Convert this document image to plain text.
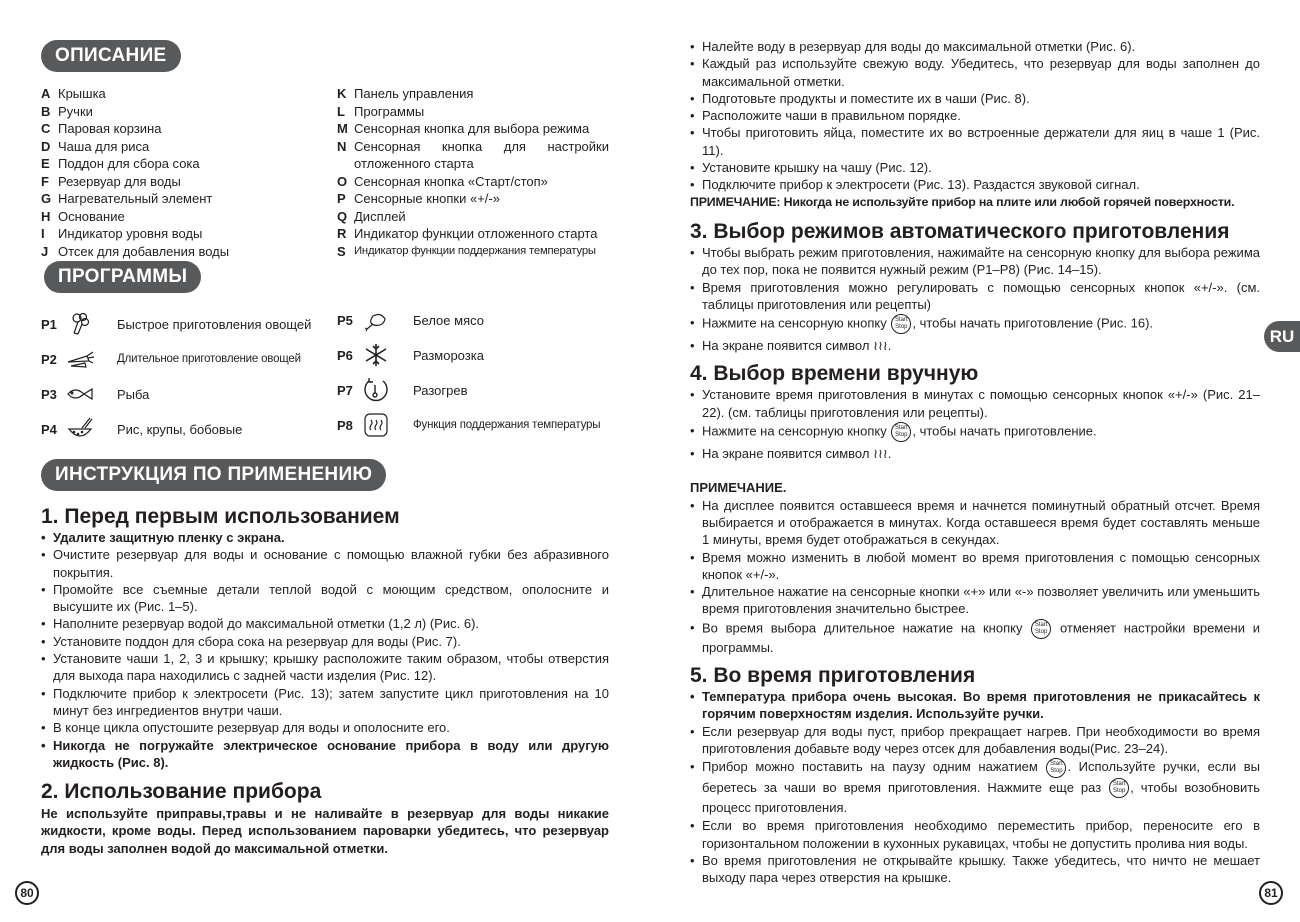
ОПИСАНИЕ
A Крышка
B Ручки
C Паровая корзина
D Чаша для риса
E Поддон для сбора сока
F Резервуар для воды
G Нагревательный элемент
H Основание
I	Индикатор уровня воды
J Отсек для добавления воды
K Панель управления
L Программы
M Сенсорная кнопка для выбора режима
N Сенсорная кнопка для настройки отложенного старта
O Сенсорная кнопка «Старт/стоп»
P Сенсорные кнопки «+/-»
Q Дисплей
R Индикатор функции отложенного старта
S Индикатор функции поддержания температуры
ПРОГРАММЫ
P1	Быстрое приготовления овощей
P2	Длительное приготовление овощей
P3	Рыба
P4	Рис, крупы, бобовые
P5	Белое мясо
P6	Разморозка
P7	Разогрев
P8	Функция поддержания температуры
ИНСТРУКЦИЯ ПО ПРИМЕНЕНИЮ
1. Перед первым использованием
• Удалите защитную пленку с экрана.
• Очистите резервуар для воды и основание с помощью влажной губки без абразивного покрытия.
• Промойте все съемные детали теплой водой с моющим средством, ополосните и высушите их (Рис. 1–5).
• Наполните резервуар водой до максимальной отметки (1,2 л) (Рис. 6).
• Установите поддон для сбора сока на резервуар для воды (Рис. 7).
• Установите чаши 1, 2, 3 и крышку; крышку расположите таким образом, чтобы отверстия для выхода пара находились с задней части изделия (Рис. 12).
• Подключите прибор к электросети (Рис. 13); затем запустите цикл приготовления на 10 минут без ингредиентов внутри чаши.
• В конце цикла опустошите резервуар для воды и ополосните его.
• Никогда не погружайте электрическое основание прибора в воду или другую жидкость (Рис. 8).
2. Использование прибора

Не используйте приправы,травы и не наливайте в резервуар для воды никакие жидкости, кроме воды. Перед использованием пароварки убедитесь, что резервуар для воды заполнен водой до максимальной отметки.

80
• Налейте воду в резервуар для воды до максимальной отметки (Рис. 6).
• Каждый раз используйте свежую воду. Убедитесь, что резервуар для воды заполнен до максимальной отметки.
• Подготовьте продукты и поместите их в чаши (Рис. 8).
• Расположите чаши в правильном порядке.
• Чтобы приготовить яйца, поместите их во встроенные держатели для яиц в чаше 1 (Рис. 11).
• Установите крышку на чашу (Рис. 12).
• Подключите прибор к электросети (Рис. 13). Раздастся звуковой сигнал.

ПРИМЕЧАНИЕ: Никогда не используйте прибор на плите или любой горячей поверхности.

3. Выбор режимов автоматического приготовления
• Чтобы выбрать режим приготовления, нажимайте на сенсорную кнопку для выбора режима до тех пор, пока не появится нужный режим (P1–P8) (Рис. 14–15).
• Время приготовления можно регулировать с помощью сенсорных кнопок «+/-». (см. таблицы приготовления или рецепты)
• Нажмите на сенсорную кнопку Start
Stop , чтобы начать приготовление (Рис. 16).
• На экране появится символ ≀≀≀.
4. Выбор времени вручную
• Установите время приготовления в минутах с помощью сенсорных кнопок «+/-» (Рис. 21–22). (см. таблицы приготовления или рецепты).
• Нажмите на сенсорную кнопку Start
Stop , чтобы начать приготовление.
• На экране появится символ ≀≀≀.

ПРИМЕЧАНИЕ.

• На дисплее появится оставшееся время и начнется поминутный обратный отсчет. Время выбирается и отображается в минутах. Когда оставшееся время будет составлять меньше 1 минуты, время будет отображаться в секундах.
• Время можно изменить в любой момент во время приготовления с помощью сенсорных кнопок «+/-».
• Длительное нажатие на сенсорные кнопки «+» или «-» позволяет увеличить или уменьшить время приготовления значительно быстрее.
• Во время выбора длительное нажатие на кнопку Start
Stop отменяет настройки времени и программы.
5. Во время приготовления
• Температура прибора очень высокая. Во время приготовления не прикасайтесь к горячим поверхностям изделия. Используйте ручки.
• Если резервуар для воды пуст, прибор прекращает нагрев. При необходимости во время приготовления добавьте воду через отсек для добавления воды(Рис. 23–24).
• Прибор можно поставить на паузу одним нажатием Start
Stop . Используйте ручки, если вы беретесь за чаши во время приготовления. Нажмите еще раз Start
Stop , чтобы возобновить процесс приготовления.
• Если во время приготовления необходимо переместить прибор, переносите его в горизонтальном положении в кухонных рукавицах, чтобы не допустить пролива ния воды.
• Во время приготовления не открывайте крышку. Также убедитесь, что ничто не мешает выходу пара через отверстия на крышке.
RU
81
